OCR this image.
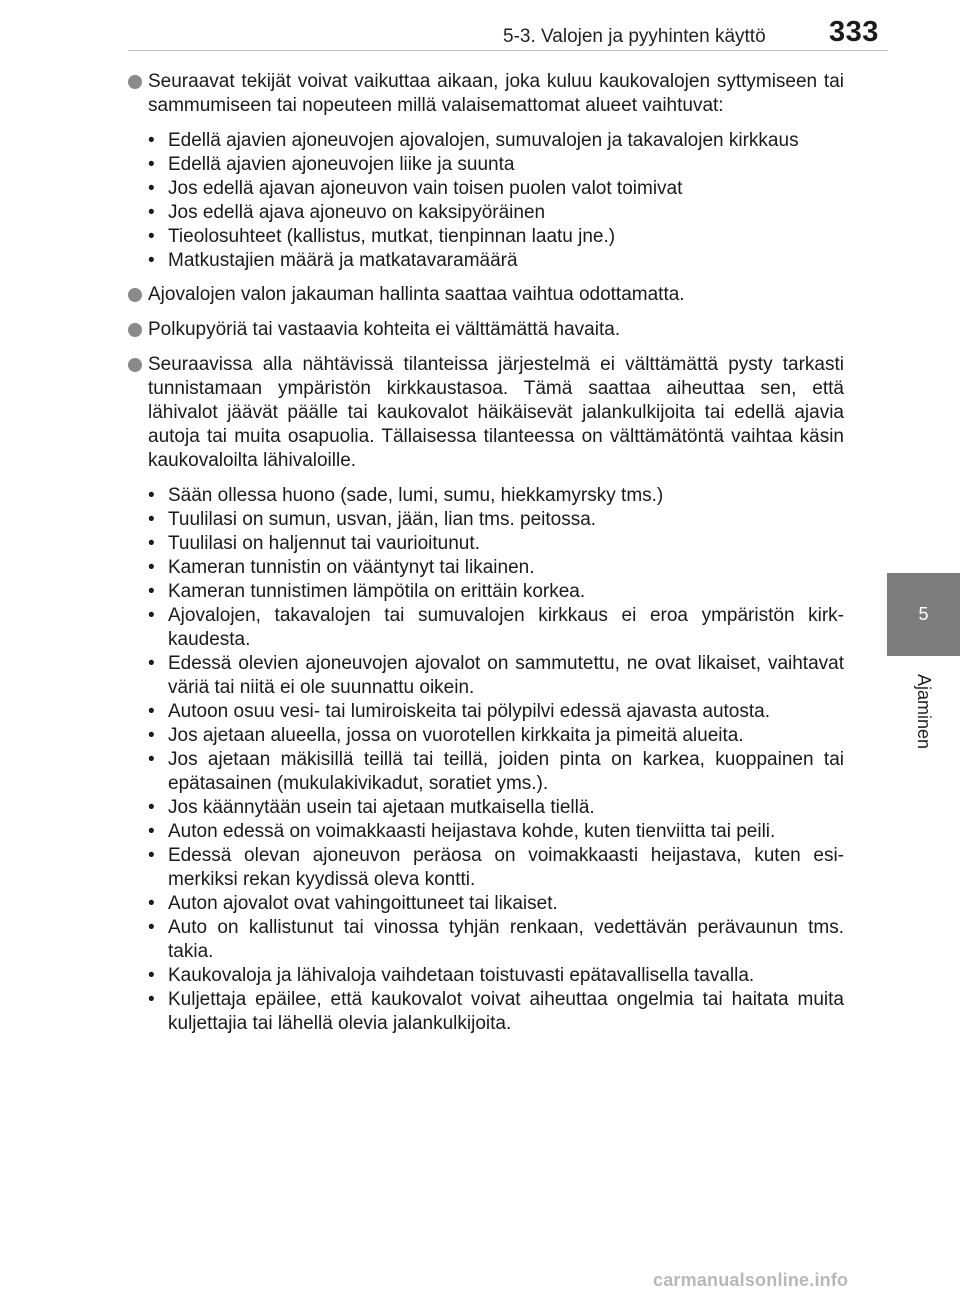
5-3. Valojen ja pyyhinten käyttö 333
5
Ajaminen
Seuraavat tekijät voivat vaikuttaa aikaan, joka kuluu kaukovalojen syttymiseen tai sammumiseen tai nopeuteen millä valaisemattomat alueet vaihtuvat:
• Edellä ajavien ajoneuvojen ajovalojen, sumuvalojen ja takavalojen kirkkaus
• Edellä ajavien ajoneuvojen liike ja suunta
• Jos edellä ajavan ajoneuvon vain toisen puolen valot toimivat
• Jos edellä ajava ajoneuvo on kaksipyöräinen
• Tieolosuhteet (kallistus, mutkat, tienpinnan laatu jne.)
• Matkustajien määrä ja matkatavaramäärä
Ajovalojen valon jakauman hallinta saattaa vaihtua odottamatta.
Polkupyöriä tai vastaavia kohteita ei välttämättä havaita.
Seuraavissa alla nähtävissä tilanteissa järjestelmä ei välttämättä pysty tarkasti tunnistamaan ympäristön kirkkaustasoa. Tämä saattaa aiheuttaa sen, että lähivalot jäävät päälle tai kaukovalot häikäisevät jalankulkijoita tai edellä ajavia autoja tai muita osapuolia. Tällaisessa tilanteessa on välttämätöntä vaihtaa käsin kaukovaloilta lähivaloille.
• Sään ollessa huono (sade, lumi, sumu, hiekkamyrsky tms.)
• Tuulilasi on sumun, usvan, jään, lian tms. peitossa.
• Tuulilasi on haljennut tai vaurioitunut.
• Kameran tunnistin on vääntynyt tai likainen.
• Kameran tunnistimen lämpötila on erittäin korkea.
• Ajovalojen, takavalojen tai sumuvalojen kirkkaus ei eroa ympäristön kirkkaudesta.
• Edessä olevien ajoneuvojen ajovalot on sammutettu, ne ovat likaiset, vaihtavat väriä tai niitä ei ole suunnattu oikein.
• Autoon osuu vesi- tai lumiroiskeita tai pölypilvi edessä ajavasta autosta.
• Jos ajetaan alueella, jossa on vuorotellen kirkkaita ja pimeitä alueita.
• Jos ajetaan mäkisillä teillä tai teillä, joiden pinta on karkea, kuoppainen tai epätasainen (mukulakivikadut, soratiet yms.).
• Jos käännytään usein tai ajetaan mutkaisella tiellä.
• Auton edessä on voimakkaasti heijastava kohde, kuten tienviitta tai peili.
• Edessä olevan ajoneuvon peräosa on voimakkaasti heijastava, kuten esimerkiksi rekan kyydissä oleva kontti.
• Auton ajovalot ovat vahingoittuneet tai likaiset.
• Auto on kallistunut tai vinossa tyhjän renkaan, vedettävän perävaunun tms. takia.
• Kaukovaloja ja lähivaloja vaihdetaan toistuvasti epätavallisella tavalla.
• Kuljettaja epäilee, että kaukovalot voivat aiheuttaa ongelmia tai haitata muita kuljettajia tai lähellä olevia jalankulkijoita.
carmanualsonline.info
